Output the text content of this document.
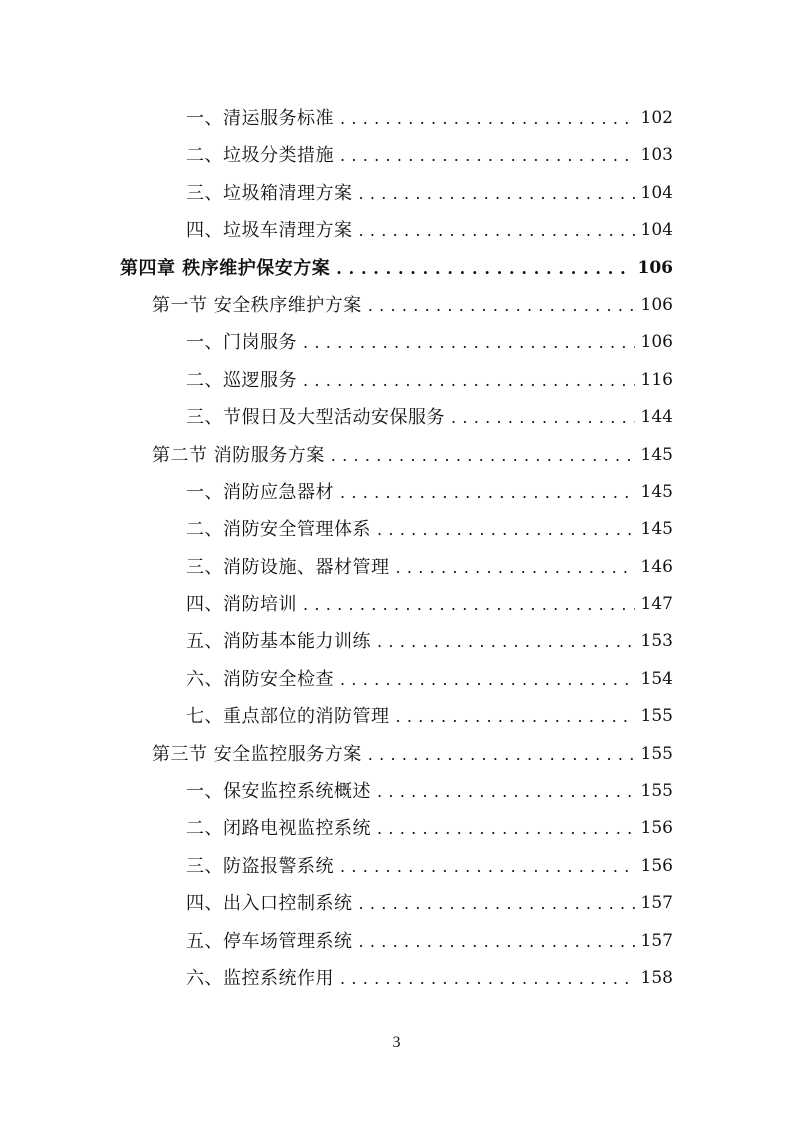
一、清运服务标准 . . .	102
二、垃圾分类措施 . . .	103
三、垃圾箱清理方案 . . .	104
四、垃圾车清理方案 . . .	104
第四章 秩序维护保安方案 . . .	106
第一节 安全秩序维护方案 . . .	106
一、门岗服务 . . .	106
二、巡逻服务 . . .	116
三、节假日及大型活动安保服务 . . .	144
第二节 消防服务方案 . . .	145
一、消防应急器材 . . .	145
二、消防安全管理体系 . . .	145
三、消防设施、器材管理 . . .	146
四、消防培训 . . .	147
五、消防基本能力训练 . . .	153
六、消防安全检查 . . .	154
七、重点部位的消防管理 . . .	155
第三节 安全监控服务方案 . . .	155
一、保安监控系统概述 . . .	155
二、闭路电视监控系统 . . .	156
三、防盗报警系统 . . .	156
四、出入口控制系统 . . .	157
五、停车场管理系统 . . .	157
六、监控系统作用 . . .	158
3
